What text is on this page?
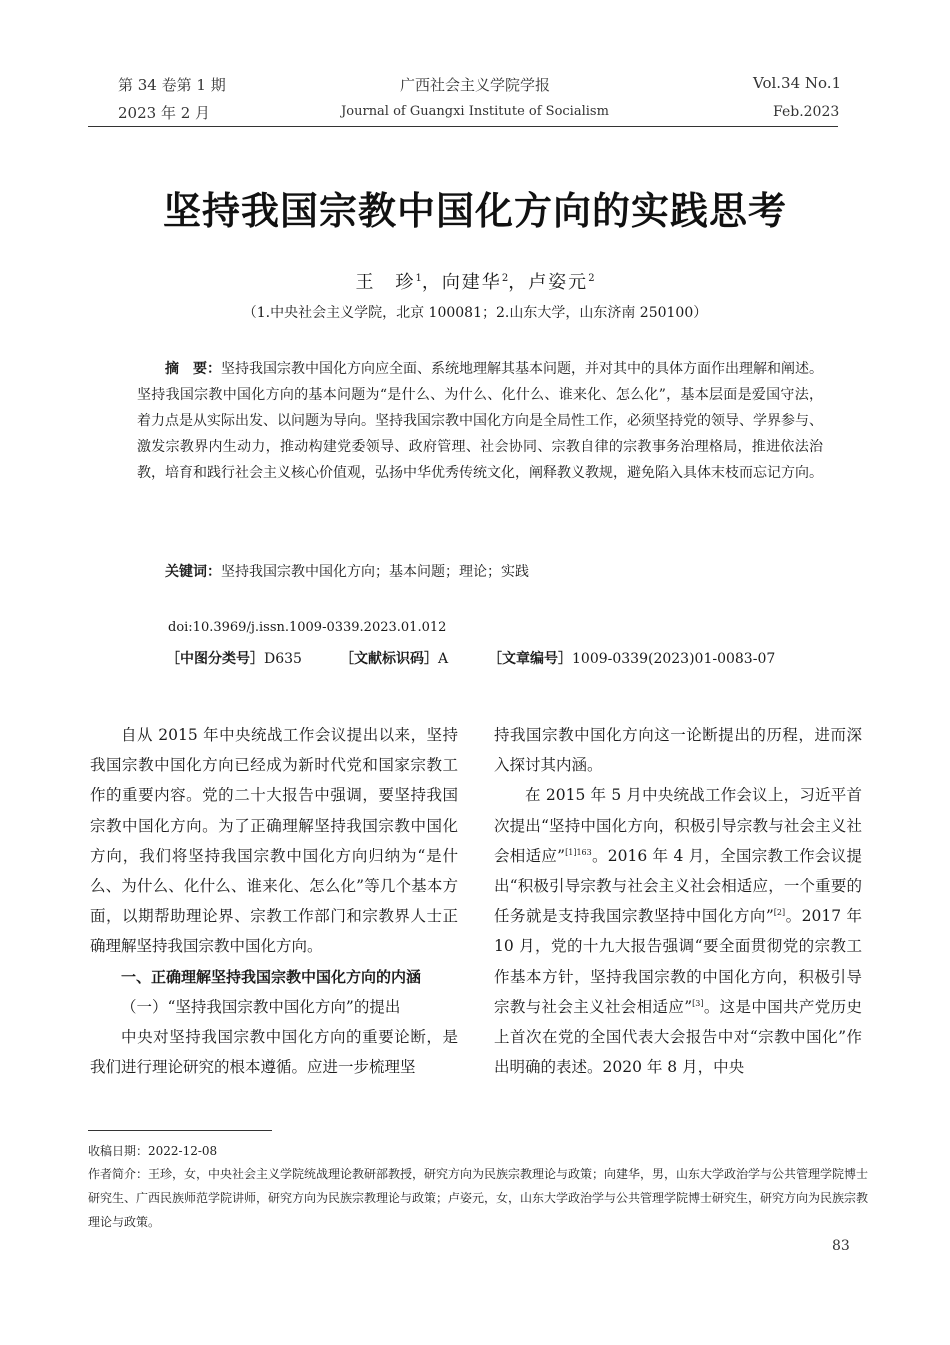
第 34 卷第 1 期	广西社会主义学院学报	Vol.34 No.1
2023 年 2 月	Journal of Guangxi Institute of Socialism	Feb.2023
坚持我国宗教中国化方向的实践思考
王　珍$^1$，向建华$^2$，卢姿元$^2$
（1.中央社会主义学院，北京 100081；2.山东大学，山东济南 250100）
摘　要：坚持我国宗教中国化方向应全面、系统地理解其基本问题，并对其中的具体方面作出理解和阐述。坚持我国宗教中国化方向的基本问题为“是什么、为什么、化什么、谁来化、怎么化”，基本层面是爱国守法，着力点是从实际出发、以问题为导向。坚持我国宗教中国化方向是全局性工作，必须坚持党的领导、学界参与、激发宗教界内生动力，推动构建党委领导、政府管理、社会协同、宗教自律的宗教事务治理格局，推进依法治教，培育和践行社会主义核心价值观，弘扬中华优秀传统文化，阐释教义教规，避免陷入具体末枝而忘记方向。
关键词：坚持我国宗教中国化方向；基本问题；理论；实践
doi:10.3969/j.issn.1009-0339.2023.01.012
［中图分类号］D635	［文献标识码］A	［文章编号］1009-0339(2023)01-0083-07

自从 2015 年中央统战工作会议提出以来，坚持我国宗教中国化方向已经成为新时代党和国家宗教工作的重要内容。党的二十大报告中强调，要坚持我国宗教中国化方向。为了正确理解坚持我国宗教中国化方向，我们将坚持我国宗教中国化方向归纳为“是什么、为什么、化什么、谁来化、怎么化”等几个基本方面，以期帮助理论界、宗教工作部门和宗教界人士正确理解坚持我国宗教中国化方向。

一、正确理解坚持我国宗教中国化方向的内涵

（一）“坚持我国宗教中国化方向”的提出

中央对坚持我国宗教中国化方向的重要论断，是我们进行理论研究的根本遵循。应进一步梳理坚

持我国宗教中国化方向这一论断提出的历程，进而深入探讨其内涵。

在 2015 年 5 月中央统战工作会议上，习近平首次提出“坚持中国化方向，积极引导宗教与社会主义社会相适应”$^{[1]163}$。2016 年 4 月，全国宗教工作会议提出“积极引导宗教与社会主义社会相适应，一个重要的任务就是支持我国宗教坚持中国化方向”[2]。2017 年 10 月，党的十九大报告强调“要全面贯彻党的宗教工作基本方针，坚持我国宗教的中国化方向，积极引导宗教与社会主义社会相适应”[3]。这是中国共产党历史上首次在党的全国代表大会报告中对“宗教中国化”作出明确的表述。2020 年 8 月，中央

收稿日期：2022-12-08
作者简介：王珍，女，中央社会主义学院统战理论教研部教授，研究方向为民族宗教理论与政策；向建华，男，山东大学政治学与公共管理学院博士研究生、广西民族师范学院讲师，研究方向为民族宗教理论与政策；卢姿元，女，山东大学政治学与公共管理学院博士研究生，研究方向为民族宗教理论与政策。
83
